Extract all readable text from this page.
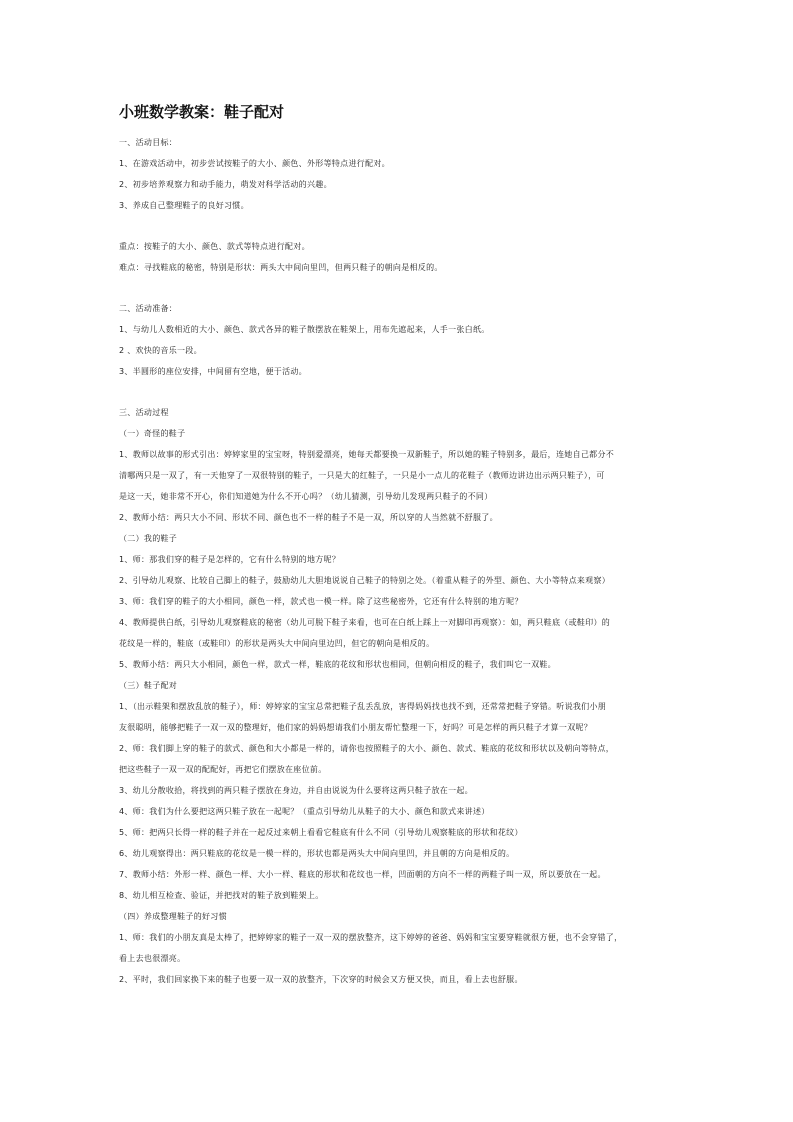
小班数学教案：鞋子配对
一、活动目标：
1、在游戏活动中，初步尝试按鞋子的大小、颜色、外形等特点进行配对。
2、初步培养观察力和动手能力，萌发对科学活动的兴趣。
3、养成自己整理鞋子的良好习惯。
重点：按鞋子的大小、颜色、款式等特点进行配对。
难点：寻找鞋底的秘密，特别是形状：两头大中间向里凹，但两只鞋子的朝向是相反的。
二、活动准备：
1、与幼儿人数相近的大小、颜色、款式各异的鞋子散摆放在鞋架上，用布先遮起来，人手一张白纸。
2 、欢快的音乐一段。
3、半圆形的座位安排，中间留有空地，便于活动。
三、活动过程
（一）奇怪的鞋子
1、教师以故事的形式引出：婷婷家里的宝宝呀，特别爱漂亮，她每天都要换一双新鞋子，所以她的鞋子特别多，最后，连她自己都分不
清哪两只是一双了，有一天他穿了一双很特别的鞋子，一只是大的红鞋子，一只是小一点儿的花鞋子（教师边讲边出示两只鞋子），可
是这一天，她非常不开心，你们知道她为什么不开心吗？（幼儿猜测，引导幼儿发现两只鞋子的不同）
2、教师小结：两只大小不同、形状不同、颜色也不一样的鞋子不是一双，所以穿的人当然就不舒服了。
（二）我的鞋子
1、师：那我们穿的鞋子是怎样的，它有什么特别的地方呢？
2、引导幼儿观察、比较自己脚上的鞋子，鼓励幼儿大胆地说说自己鞋子的特别之处。（着重从鞋子的外型、颜色、大小等特点来观察）
3、师：我们穿的鞋子的大小相同，颜色一样，款式也一模一样。除了这些秘密外，它还有什么特别的地方呢？
4、教师提供白纸，引导幼儿观察鞋底的秘密（幼儿可脱下鞋子来看，也可在白纸上踩上一对脚印再观察）：如，两只鞋底（或鞋印）的
花纹是一样的，鞋底（或鞋印）的形状是两头大中间向里边凹，但它的朝向是相反的。
5、教师小结：两只大小相同，颜色一样，款式一样，鞋底的花纹和形状也相同，但朝向相反的鞋子，我们叫它一双鞋。
（三）鞋子配对
1、（出示鞋架和摆放乱放的鞋子），师：婷婷家的宝宝总常把鞋子乱丢乱放，害得妈妈找也找不到，还常常把鞋子穿错。听说我们小朋
友很聪明，能够把鞋子一双一双的整理好，他们家的妈妈想请我们小朋友帮忙整理一下，好吗？可是怎样的两只鞋子才算一双呢？
2、师：我们脚上穿的鞋子的款式、颜色和大小都是一样的，请你也按照鞋子的大小、颜色、款式、鞋底的花纹和形状以及朝向等特点，
把这些鞋子一双一双的配配好，再把它们摆放在座位前。
3、幼儿分散收拾，将找到的两只鞋子摆放在身边，并自由说说为什么要将这两只鞋子放在一起。
4、师：我们为什么要把这两只鞋子放在一起呢？（重点引导幼儿从鞋子的大小、颜色和款式来讲述）
5、师：把两只长得一样的鞋子并在一起反过来朝上看看它鞋底有什么不同（引导幼儿观察鞋底的形状和花纹）
6、幼儿观察得出：两只鞋底的花纹是一模一样的，形状也都是两头大中间向里凹，并且朝的方向是相反的。
7、教师小结：外形一样、颜色一样、大小一样、鞋底的形状和花纹也一样，凹面朝的方向不一样的两鞋子叫一双，所以要放在一起。
8、幼儿相互检查、验证，并把找对的鞋子放到鞋架上。
（四）养成整理鞋子的好习惯
1、师：我们的小朋友真是太棒了，把婷婷家的鞋子一双一双的摆放整齐，这下婷婷的爸爸、妈妈和宝宝要穿鞋就很方便，也不会穿错了，
看上去也很漂亮。
2、平时，我们回家换下来的鞋子也要一双一双的放整齐，下次穿的时候会又方便又快，而且，看上去也舒服。
